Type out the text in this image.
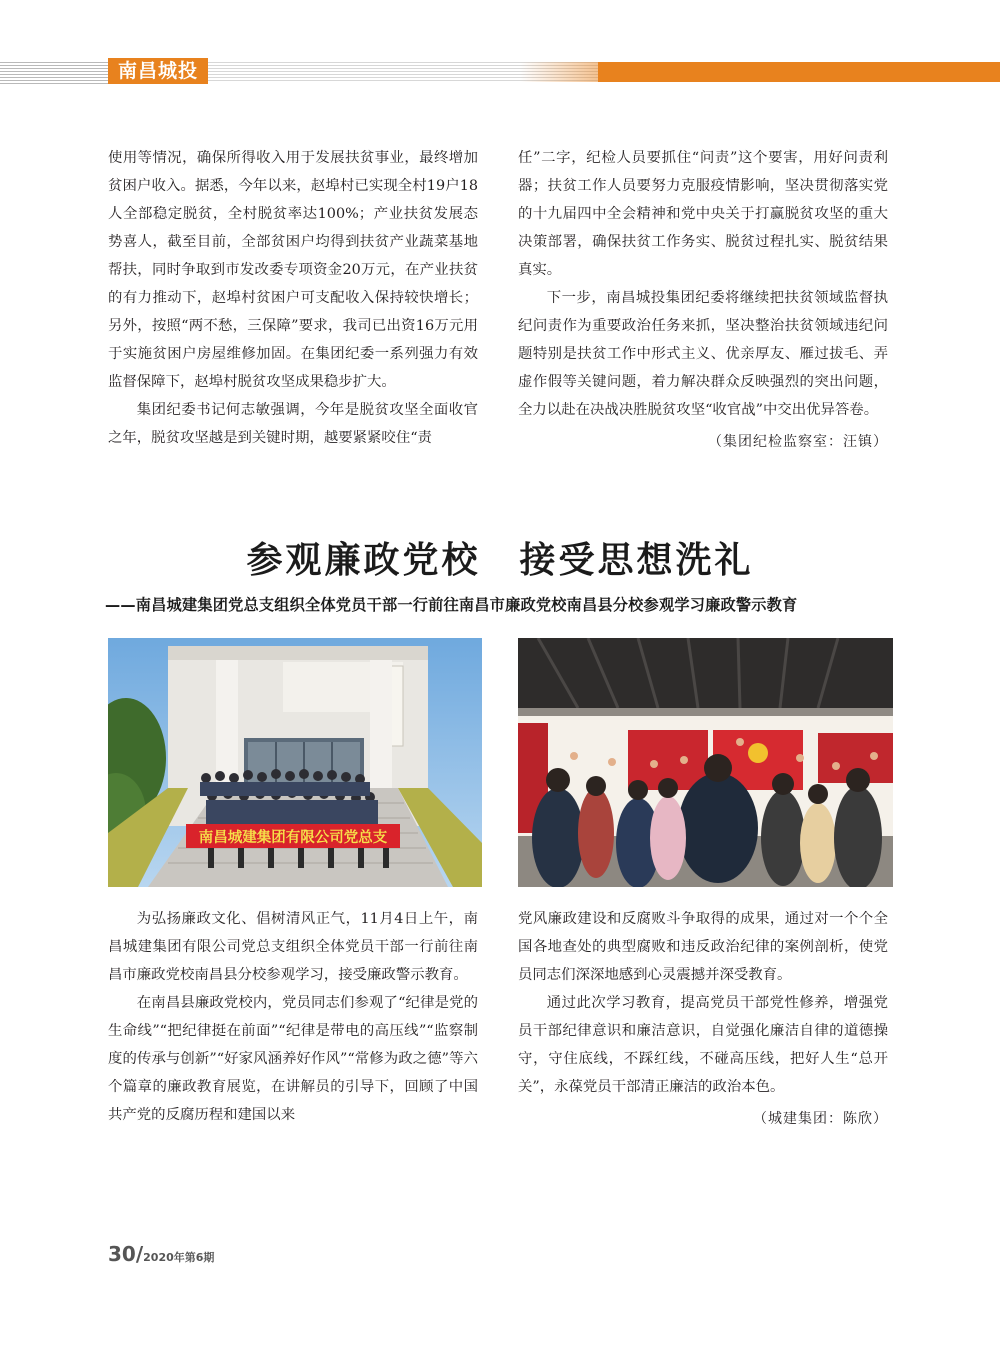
南昌城投

使用等情况，确保所得收入用于发展扶贫事业，最终增加贫困户收入。据悉，今年以来，赵埠村已实现全村19户18人全部稳定脱贫，全村脱贫率达100%；产业扶贫发展态势喜人，截至目前，全部贫困户均得到扶贫产业蔬菜基地帮扶，同时争取到市发改委专项资金20万元，在产业扶贫的有力推动下，赵埠村贫困户可支配收入保持较快增长；另外，按照“两不愁，三保障”要求，我司已出资16万元用于实施贫困户房屋维修加固。在集团纪委一系列强力有效监督保障下，赵埠村脱贫攻坚成果稳步扩大。

集团纪委书记何志敏强调，今年是脱贫攻坚全面收官之年，脱贫攻坚越是到关键时期，越要紧紧咬住“责

任”二字，纪检人员要抓住“问责”这个要害，用好问责利器；扶贫工作人员要努力克服疫情影响，坚决贯彻落实党的十九届四中全会精神和党中央关于打赢脱贫攻坚的重大决策部署，确保扶贫工作务实、脱贫过程扎实、脱贫结果真实。

下一步，南昌城投集团纪委将继续把扶贫领域监督执纪问责作为重要政治任务来抓，坚决整治扶贫领域违纪问题特别是扶贫工作中形式主义、优亲厚友、雁过拔毛、弄虚作假等关键问题，着力解决群众反映强烈的突出问题，全力以赴在决战决胜脱贫攻坚“收官战”中交出优异答卷。

（集团纪检监察室：汪镇）
参观廉政党校　接受思想洗礼
——南昌城建集团党总支组织全体党员干部一行前往南昌市廉政党校南昌县分校参观学习廉政警示教育
南昌城建集团有限公司党总支

为弘扬廉政文化、倡树清风正气，11月4日上午，南昌城建集团有限公司党总支组织全体党员干部一行前往南昌市廉政党校南昌县分校参观学习，接受廉政警示教育。

在南昌县廉政党校内，党员同志们参观了“纪律是党的生命线”“把纪律挺在前面”“纪律是带电的高压线”“监察制度的传承与创新”“好家风涵养好作风”“常修为政之德”等六个篇章的廉政教育展览，在讲解员的引导下，回顾了中国共产党的反腐历程和建国以来

党风廉政建设和反腐败斗争取得的成果，通过对一个个全国各地查处的典型腐败和违反政治纪律的案例剖析，使党员同志们深深地感到心灵震撼并深受教育。

通过此次学习教育，提高党员干部党性修养，增强党员干部纪律意识和廉洁意识，自觉强化廉洁自律的道德操守，守住底线，不踩红线，不碰高压线，把好人生“总开关”，永葆党员干部清正廉洁的政治本色。

（城建集团：陈欣）
30/2020年第6期
